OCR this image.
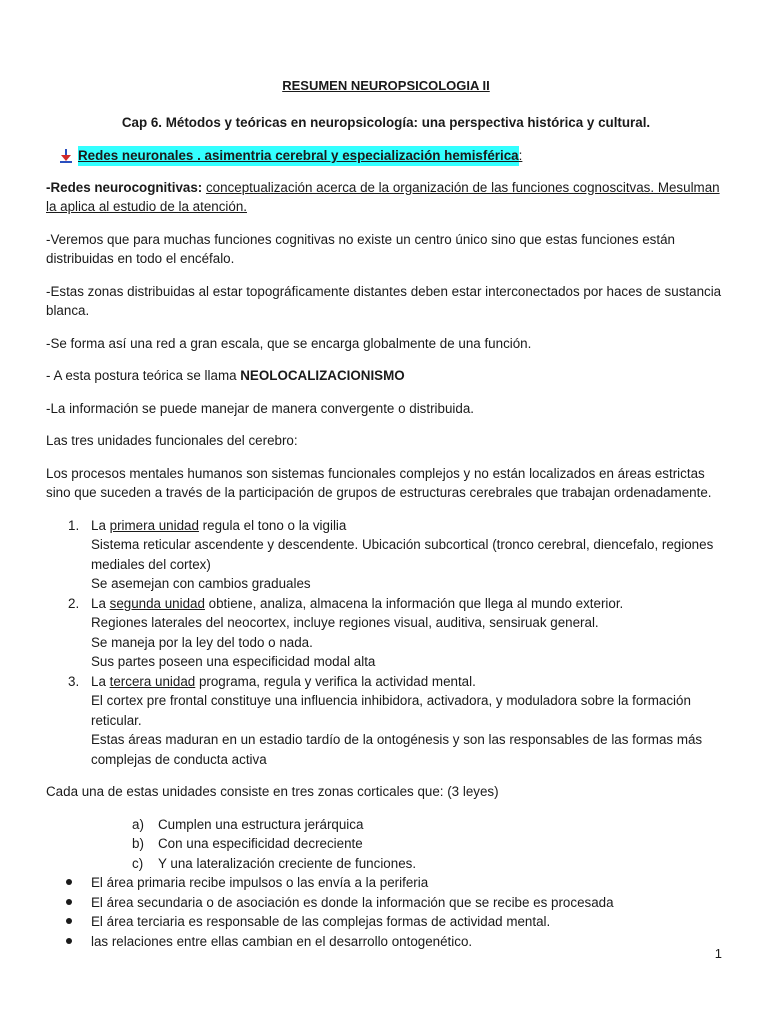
RESUMEN NEUROPSICOLOGIA II
Cap 6. Métodos y teóricas en neuropsicología: una perspectiva histórica y cultural.
Redes neuronales . asimentria cerebral y especialización hemisférica :

-Redes neurocognitivas: conceptualización acerca de la organización de las funciones cognoscitvas. Mesulman la aplica al estudio de la atención.

-Veremos que para muchas funciones cognitivas no existe un centro único sino que estas funciones están distribuidas en todo el encéfalo.

-Estas zonas distribuidas al estar topográficamente distantes deben estar interconectados por haces de sustancia blanca.

-Se forma así una red a gran escala, que se encarga globalmente de una función.

- A esta postura teórica se llama NEOLOCALIZACIONISMO

-La información se puede manejar de manera convergente o distribuida.

Las tres unidades funcionales del cerebro:

Los procesos mentales humanos son sistemas funcionales complejos y no están localizados en áreas estrictas sino que suceden a través de la participación de grupos de estructuras cerebrales que trabajan ordenadamente.

1. La primera unidad regula el tono o la vigilia
Sistema reticular ascendente y descendente. Ubicación subcortical (tronco cerebral, diencefalo, regiones mediales del cortex)
Se asemejan con cambios graduales
2. La segunda unidad obtiene, analiza, almacena la información que llega al mundo exterior.
Regiones laterales del neocortex, incluye regiones visual, auditiva, sensiruak general.
Se maneja por la ley del todo o nada.
Sus partes poseen una especificidad modal alta
3. La tercera unidad programa, regula y verifica la actividad mental.
El cortex pre frontal constituye una influencia inhibidora, activadora, y moduladora sobre la formación reticular.
Estas áreas maduran en un estadio tardío de la ontogénesis y son las responsables de las formas más complejas de conducta activa

Cada una de estas unidades consiste en tres zonas corticales que: (3 leyes)

a) Cumplen una estructura jerárquica
b) Con una especificidad decreciente
c) Y una lateralización creciente de funciones.
El área primaria recibe impulsos o las envía a la periferia
El área secundaria o de asociación es donde la información que se recibe es procesada
El área terciaria es responsable de las complejas formas de actividad mental.
las relaciones entre ellas cambian en el desarrollo ontogenético.
1
